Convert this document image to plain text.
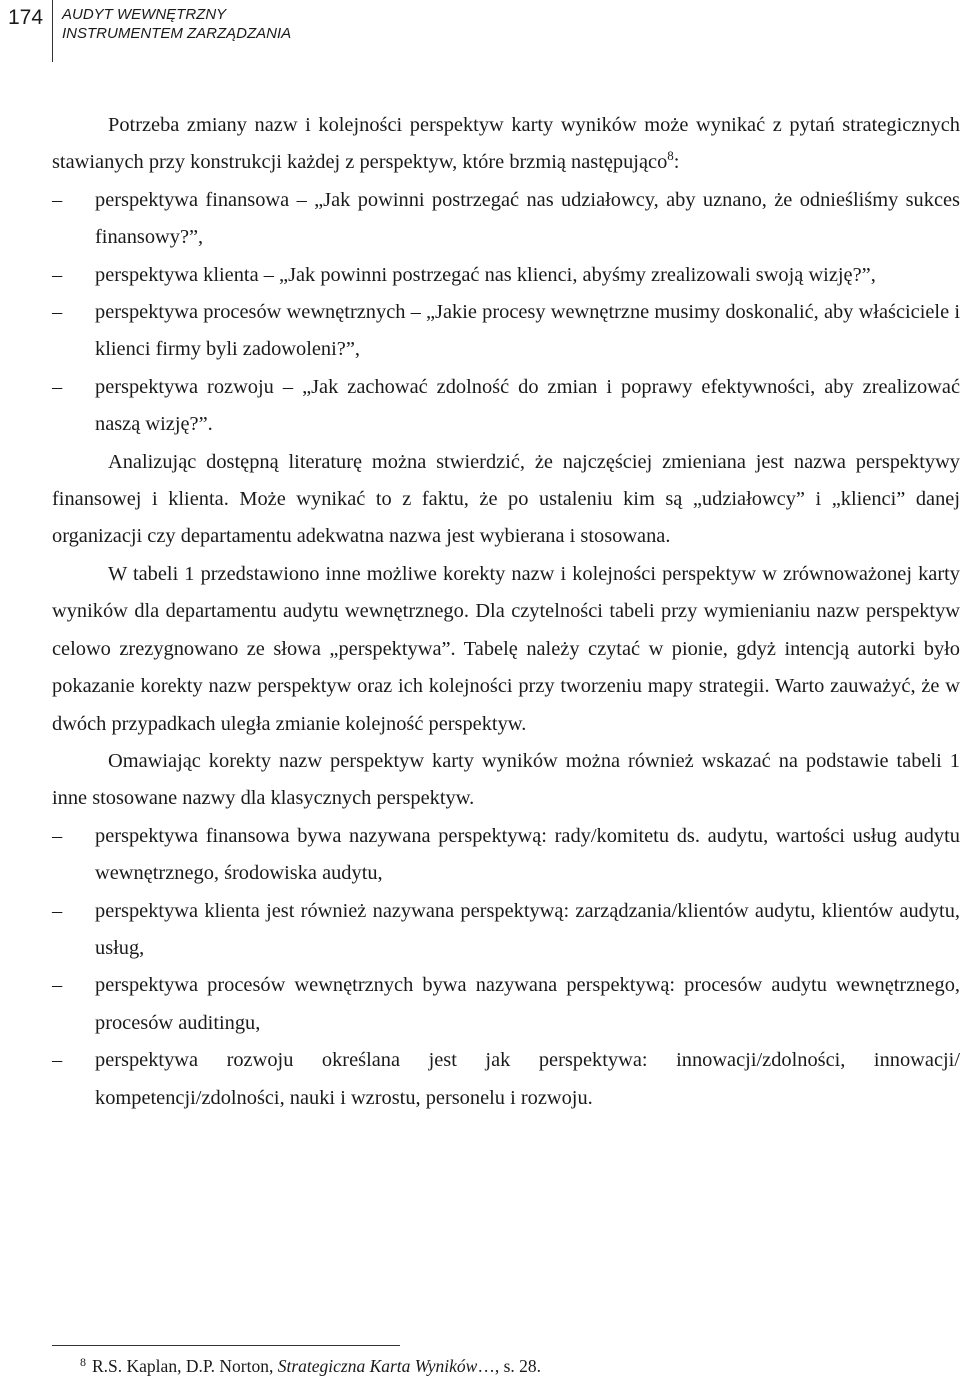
174	AUDYT WEWNĘTRZNY
INSTRUMENTEM ZARZĄDZANIA

Potrzeba zmiany nazw i kolejności perspektyw karty wyników może wynikać z pytań strategicznych stawianych przy konstrukcji każdej z perspektyw, które brzmią następująco$^8$:

–	perspektywa finansowa – „Jak powinni postrzegać nas udziałowcy, aby uznano, że odnieśliśmy sukces finansowy?”,
–	perspektywa klienta – „Jak powinni postrzegać nas klienci, abyśmy zrealizowali swoją wizję?”,
–	perspektywa procesów wewnętrznych – „Jakie procesy wewnętrzne musimy doskonalić, aby właściciele i klienci firmy byli zadowoleni?”,
–	perspektywa rozwoju – „Jak zachować zdolność do zmian i poprawy efektywności, aby zrealizować naszą wizję?”.

Analizując dostępną literaturę można stwierdzić, że najczęściej zmieniana jest nazwa perspektywy finansowej i klienta. Może wynikać to z faktu, że po ustaleniu kim są „udziałowcy” i „klienci” danej organizacji czy departamentu adekwatna nazwa jest wybierana i stosowana.

W tabeli 1 przedstawiono inne możliwe korekty nazw i kolejności perspektyw w zrównoważonej karty wyników dla departamentu audytu wewnętrznego. Dla czytelności tabeli przy wymienianiu nazw perspektyw celowo zrezygnowano ze słowa „perspektywa”. Tabelę należy czytać w pionie, gdyż intencją autorki było pokazanie korekty nazw perspektyw oraz ich kolejności przy tworzeniu mapy strategii. Warto zauważyć, że w dwóch przypadkach uległa zmianie kolejność perspektyw.

Omawiając korekty nazw perspektyw karty wyników można również wskazać na podstawie tabeli 1 inne stosowane nazwy dla klasycznych perspektyw.

–	perspektywa finansowa bywa nazywana perspektywą: rady/komitetu ds. audytu, wartości usług audytu wewnętrznego, środowiska audytu,
–	perspektywa klienta jest również nazywana perspektywą: zarządzania/klientów audytu, klientów audytu, usług,
–	perspektywa procesów wewnętrznych bywa nazywana perspektywą: procesów audytu wewnętrznego, procesów auditingu,
–	perspektywa rozwoju określana jest jak perspektywa: innowacji/zdolności, innowacji/ kompetencji/zdolności, nauki i wzrostu, personelu i rozwoju.
$^8$ R.S. Kaplan, D.P. Norton, Strategiczna Karta Wyników…, s. 28.
